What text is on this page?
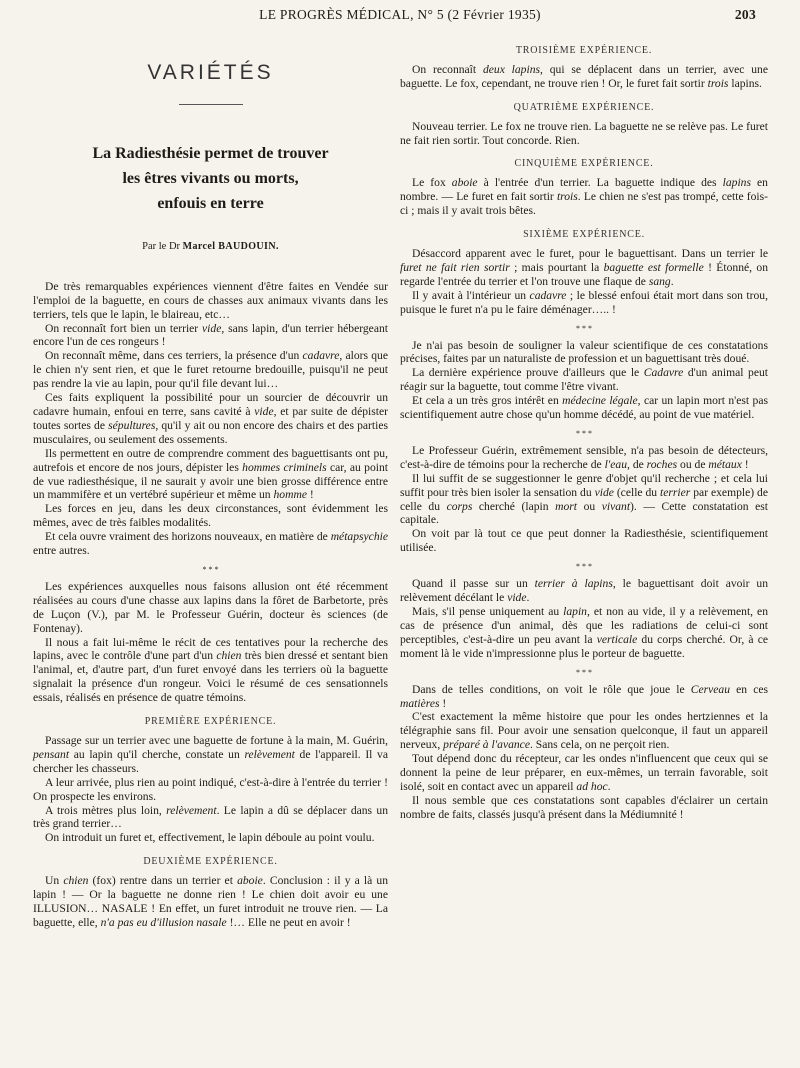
LE PROGRÈS MÉDICAL, N° 5 (2 Février 1935)	203
VARIÉTÉS
La Radiesthésie permet de trouver
les êtres vivants ou morts,
enfouis en terre
Par le Dr Marcel BAUDOUIN.

De très remarquables expériences viennent d'être faites en Vendée sur l'emploi de la baguette, en cours de chasses aux animaux vivants dans les terriers, tels que le lapin, le blaireau, etc…

On reconnaît fort bien un terrier vide, sans lapin, d'un terrier hébergeant encore l'un de ces rongeurs !

On reconnaît même, dans ces terriers, la présence d'un cadavre, alors que le chien n'y sent rien, et que le furet retourne bredouille, puisqu'il ne peut pas rendre la vie au lapin, pour qu'il file devant lui…

Ces faits expliquent la possibilité pour un sourcier de découvrir un cadavre humain, enfoui en terre, sans cavité à vide, et par suite de dépister toutes sortes de sépultures, qu'il y ait ou non encore des chairs et des parties musculaires, ou seulement des ossements.

Ils permettent en outre de comprendre comment des baguettisants ont pu, autrefois et encore de nos jours, dépister les hommes criminels car, au point de vue radiesthésique, il ne saurait y avoir une bien grosse différence entre un mammifère et un vertébré supérieur et même un homme !

Les forces en jeu, dans les deux circonstances, sont évidemment les mêmes, avec de très faibles modalités.

Et cela ouvre vraiment des horizons nouveaux, en matière de métapsychie entre autres.

* * *

Les expériences auxquelles nous faisons allusion ont été récemment réalisées au cours d'une chasse aux lapins dans la fôret de Barbetorte, près de Luçon (V.), par M. le Professeur Guérin, docteur ès sciences (de Fontenay).

Il nous a fait lui-même le récit de ces tentatives pour la recherche des lapins, avec le contrôle d'une part d'un chien très bien dressé et sentant bien l'animal, et, d'autre part, d'un furet envoyé dans les terriers où la baguette signalait la présence d'un rongeur. Voici le résumé de ces sensationnels essais, réalisés en présence de quatre témoins.

PREMIÈRE EXPÉRIENCE.

Passage sur un terrier avec une baguette de fortune à la main, M. Guérin, pensant au lapin qu'il cherche, constate un relèvement de l'appareil. Il va chercher les chasseurs.

A leur arrivée, plus rien au point indiqué, c'est-à-dire à l'entrée du terrier ! On prospecte les environs.

A trois mètres plus loin, relèvement. Le lapin a dû se déplacer dans un très grand terrier…

On introduit un furet et, effectivement, le lapin déboule au point voulu.

DEUXIÈME EXPÉRIENCE.

Un chien (fox) rentre dans un terrier et aboie. Conclusion : il y a là un lapin ! — Or la baguette ne donne rien ! Le chien doit avoir eu une ILLUSION… NASALE ! En effet, un furet introduit ne trouve rien. — La baguette, elle, n'a pas eu d'illusion nasale !… Elle ne peut en avoir !

TROISIÈME EXPÉRIENCE.

On reconnaît deux lapins, qui se déplacent dans un terrier, avec une baguette. Le fox, cependant, ne trouve rien ! Or, le furet fait sortir trois lapins.

QUATRIÈME EXPÉRIENCE.

Nouveau terrier. Le fox ne trouve rien. La baguette ne se relève pas. Le furet ne fait rien sortir. Tout concorde. Rien.

CINQUIÈME EXPÉRIENCE.

Le fox aboie à l'entrée d'un terrier. La baguette indique des lapins en nombre. — Le furet en fait sortir trois. Le chien ne s'est pas trompé, cette fois-ci ; mais il y avait trois bêtes.

SIXIÈME EXPÉRIENCE.

Désaccord apparent avec le furet, pour le baguettisant. Dans un terrier le furet ne fait rien sortir ; mais pourtant la baguette est formelle ! Étonné, on regarde l'entrée du terrier et l'on trouve une flaque de sang.

Il y avait à l'intérieur un cadavre ; le blessé enfoui était mort dans son trou, puisque le furet n'a pu le faire déménager….. !

* * *

Je n'ai pas besoin de souligner la valeur scientifique de ces constatations précises, faites par un naturaliste de profession et un baguettisant très doué.

La dernière expérience prouve d'ailleurs que le Cadavre d'un animal peut réagir sur la baguette, tout comme l'être vivant.

Et cela a un très gros intérêt en médecine légale, car un lapin mort n'est pas scientifiquement autre chose qu'un homme décédé, au point de vue matériel.

* * *

Le Professeur Guérin, extrêmement sensible, n'a pas besoin de détecteurs, c'est-à-dire de témoins pour la recherche de l'eau, de roches ou de métaux !

Il lui suffit de se suggestionner le genre d'objet qu'il recherche ; et cela lui suffit pour très bien isoler la sensation du vide (celle du terrier par exemple) de celle du corps cherché (lapin mort ou vivant). — Cette constatation est capitale.

On voit par là tout ce que peut donner la Radiesthésie, scientifiquement utilisée.

* * *

Quand il passe sur un terrier à lapins, le baguettisant doit avoir un relèvement décélant le vide.

Mais, s'il pense uniquement au lapin, et non au vide, il y a relèvement, en cas de présence d'un animal, dès que les radiations de celui-ci sont perceptibles, c'est-à-dire un peu avant la verticale du corps cherché. Or, à ce moment là le vide n'impressionne plus le porteur de baguette.

* * *

Dans de telles conditions, on voit le rôle que joue le Cerveau en ces matières !

C'est exactement la même histoire que pour les ondes hertziennes et la télégraphie sans fil. Pour avoir une sensation quelconque, il faut un appareil nerveux, préparé à l'avance. Sans cela, on ne perçoit rien.

Tout dépend donc du récepteur, car les ondes n'influencent que ceux qui se donnent la peine de leur préparer, en eux-mêmes, un terrain favorable, soit isolé, soit en contact avec un appareil ad hoc.

Il nous semble que ces constatations sont capables d'éclairer un certain nombre de faits, classés jusqu'à présent dans la Médiumnité !
